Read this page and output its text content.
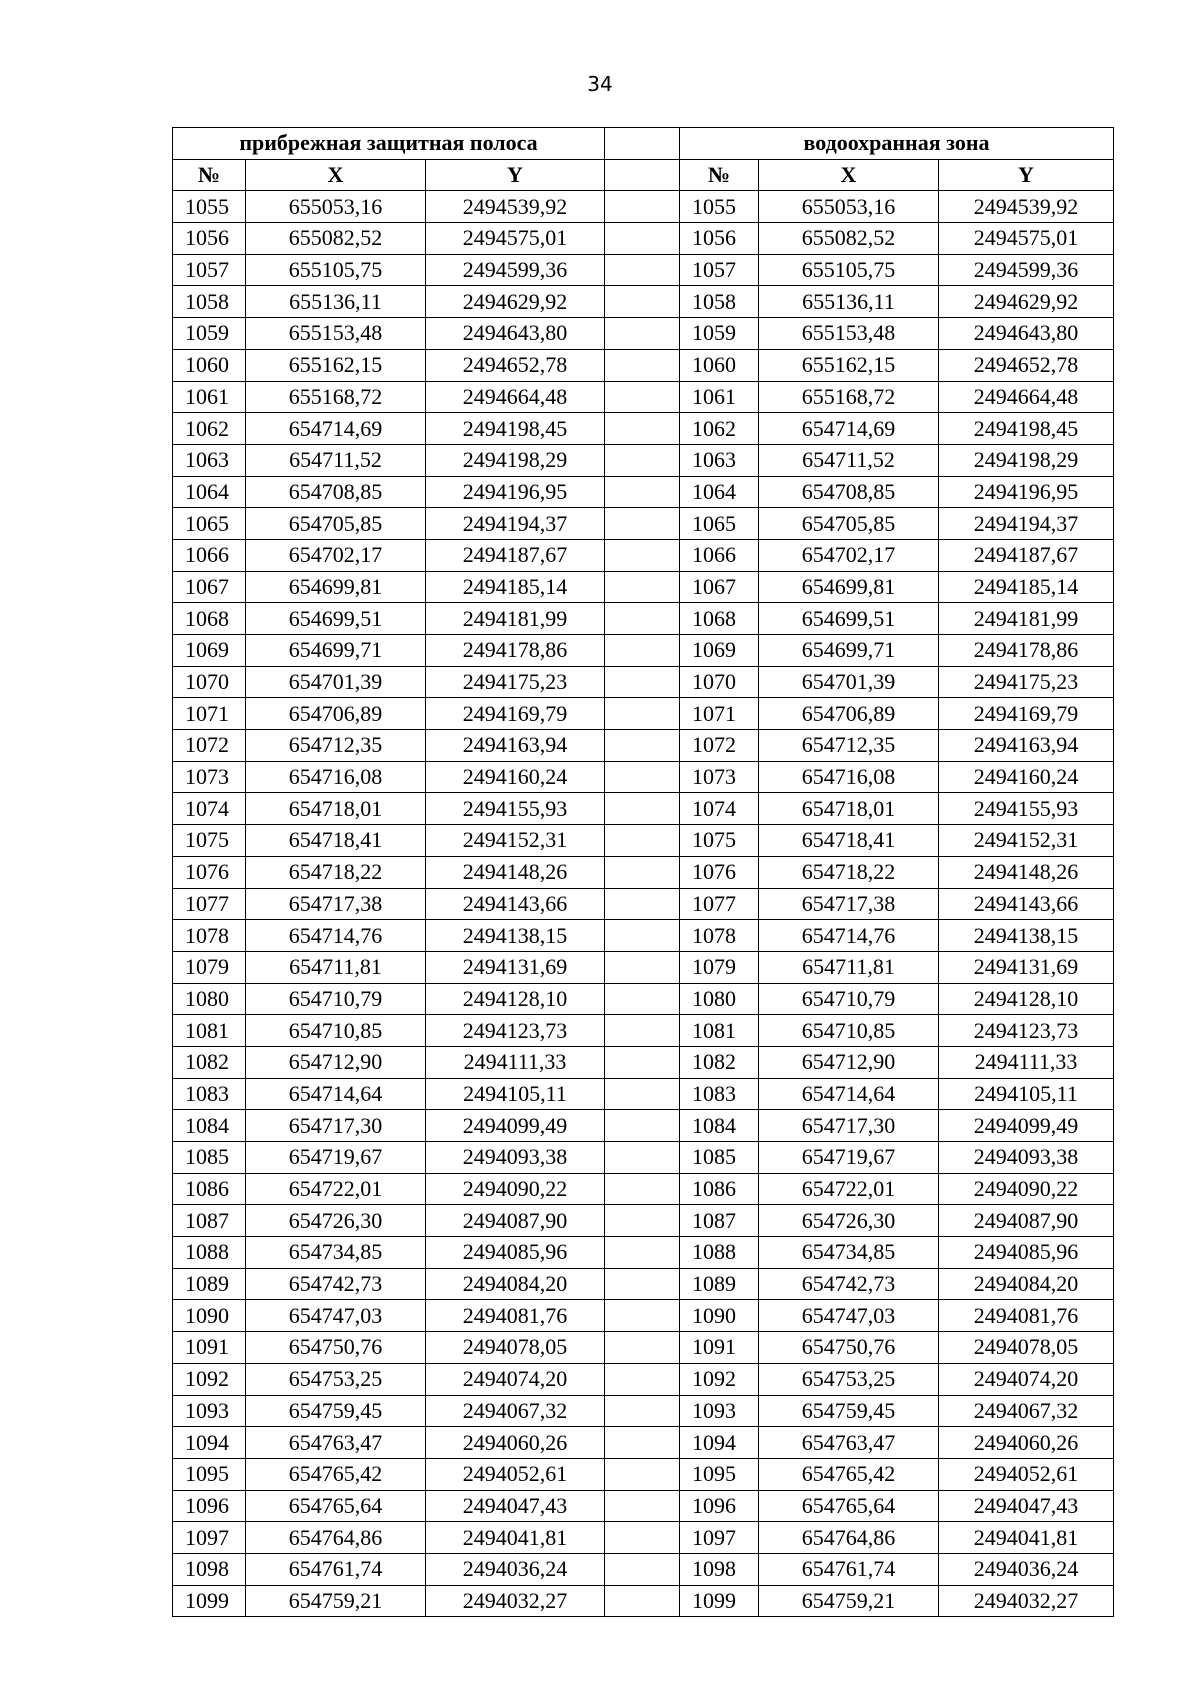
34
прибрежная защитная полоса				водоохранная зона		
№	X	Y		№	X	Y
1055	655053,16	2494539,92		1055	655053,16	2494539,92
1056	655082,52	2494575,01		1056	655082,52	2494575,01
1057	655105,75	2494599,36		1057	655105,75	2494599,36
1058	655136,11	2494629,92		1058	655136,11	2494629,92
1059	655153,48	2494643,80		1059	655153,48	2494643,80
1060	655162,15	2494652,78		1060	655162,15	2494652,78
1061	655168,72	2494664,48		1061	655168,72	2494664,48
1062	654714,69	2494198,45		1062	654714,69	2494198,45
1063	654711,52	2494198,29		1063	654711,52	2494198,29
1064	654708,85	2494196,95		1064	654708,85	2494196,95
1065	654705,85	2494194,37		1065	654705,85	2494194,37
1066	654702,17	2494187,67		1066	654702,17	2494187,67
1067	654699,81	2494185,14		1067	654699,81	2494185,14
1068	654699,51	2494181,99		1068	654699,51	2494181,99
1069	654699,71	2494178,86		1069	654699,71	2494178,86
1070	654701,39	2494175,23		1070	654701,39	2494175,23
1071	654706,89	2494169,79		1071	654706,89	2494169,79
1072	654712,35	2494163,94		1072	654712,35	2494163,94
1073	654716,08	2494160,24		1073	654716,08	2494160,24
1074	654718,01	2494155,93		1074	654718,01	2494155,93
1075	654718,41	2494152,31		1075	654718,41	2494152,31
1076	654718,22	2494148,26		1076	654718,22	2494148,26
1077	654717,38	2494143,66		1077	654717,38	2494143,66
1078	654714,76	2494138,15		1078	654714,76	2494138,15
1079	654711,81	2494131,69		1079	654711,81	2494131,69
1080	654710,79	2494128,10		1080	654710,79	2494128,10
1081	654710,85	2494123,73		1081	654710,85	2494123,73
1082	654712,90	2494111,33		1082	654712,90	2494111,33
1083	654714,64	2494105,11		1083	654714,64	2494105,11
1084	654717,30	2494099,49		1084	654717,30	2494099,49
1085	654719,67	2494093,38		1085	654719,67	2494093,38
1086	654722,01	2494090,22		1086	654722,01	2494090,22
1087	654726,30	2494087,90		1087	654726,30	2494087,90
1088	654734,85	2494085,96		1088	654734,85	2494085,96
1089	654742,73	2494084,20		1089	654742,73	2494084,20
1090	654747,03	2494081,76		1090	654747,03	2494081,76
1091	654750,76	2494078,05		1091	654750,76	2494078,05
1092	654753,25	2494074,20		1092	654753,25	2494074,20
1093	654759,45	2494067,32		1093	654759,45	2494067,32
1094	654763,47	2494060,26		1094	654763,47	2494060,26
1095	654765,42	2494052,61		1095	654765,42	2494052,61
1096	654765,64	2494047,43		1096	654765,64	2494047,43
1097	654764,86	2494041,81		1097	654764,86	2494041,81
1098	654761,74	2494036,24		1098	654761,74	2494036,24
1099	654759,21	2494032,27		1099	654759,21	2494032,27
